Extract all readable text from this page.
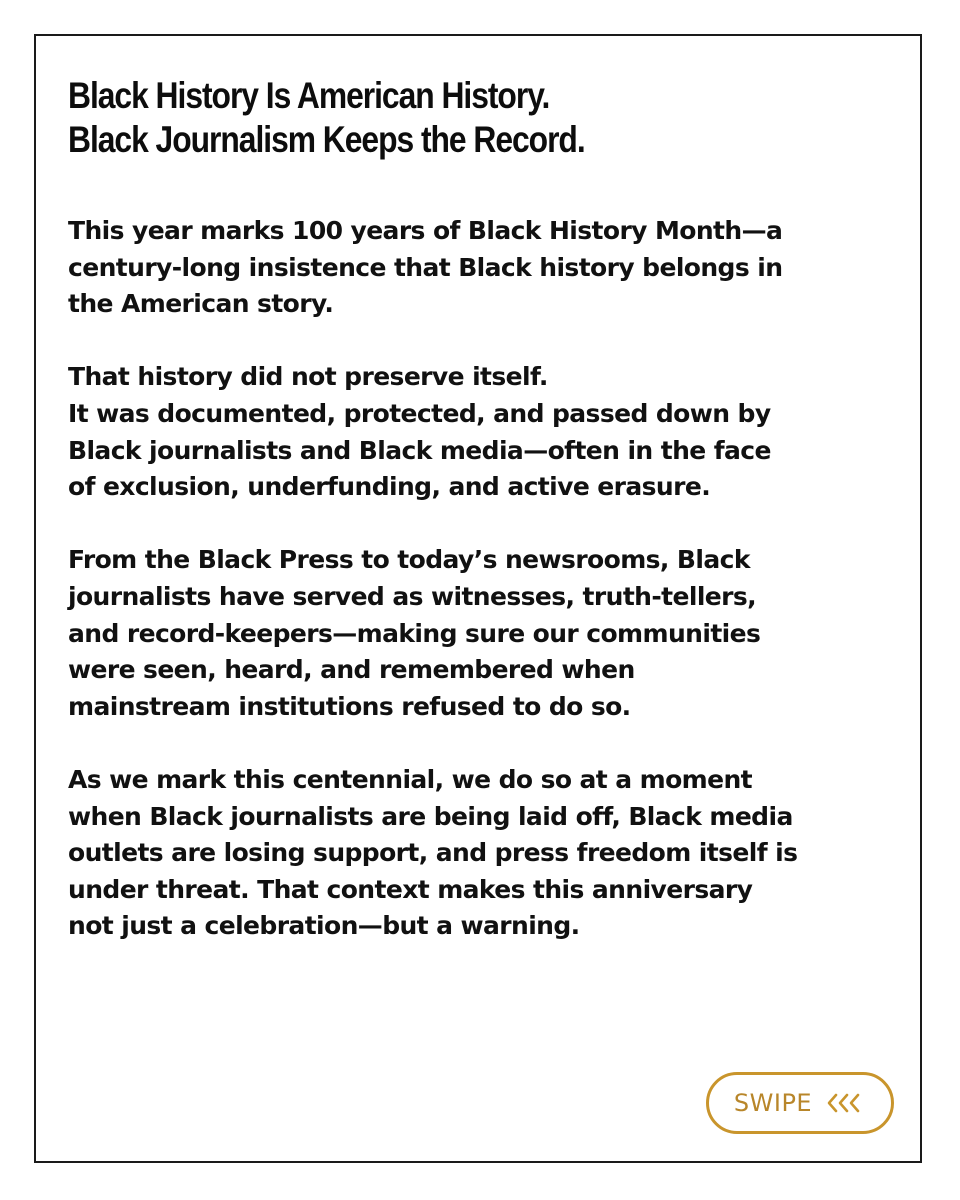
Black History Is American History.
Black Journalism Keeps the Record.

This year marks 100 years of Black History Month—a
century-long insistence that Black history belongs in
the American story.

That history did not preserve itself.
It was documented, protected, and passed down by
Black journalists and Black media—often in the face
of exclusion, underfunding, and active erasure.

From the Black Press to today’s newsrooms, Black
journalists have served as witnesses, truth-tellers,
and record-keepers—making sure our communities
were seen, heard, and remembered when
mainstream institutions refused to do so.

As we mark this centennial, we do so at a moment
when Black journalists are being laid off, Black media
outlets are losing support, and press freedom itself is
under threat. That context makes this anniversary
not just a celebration—but a warning.

SWIPE
